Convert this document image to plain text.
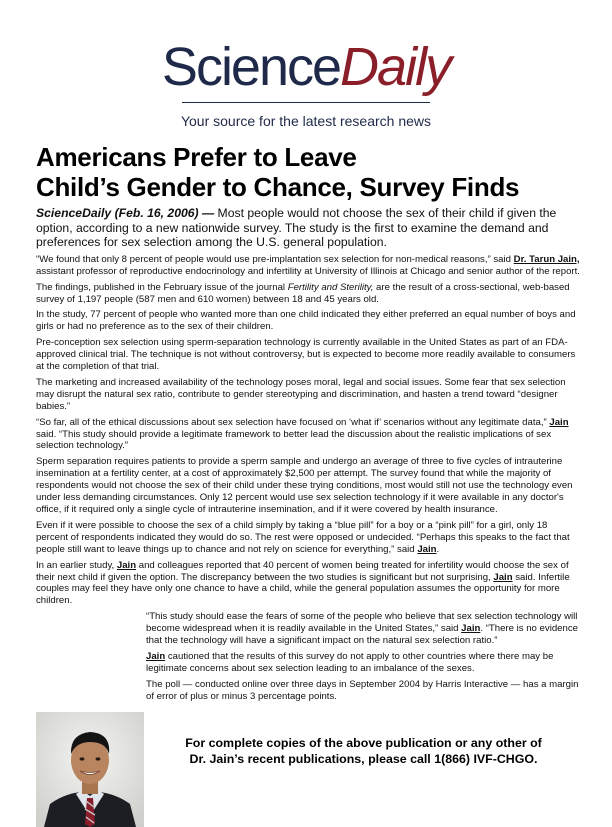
ScienceDaily
Your source for the latest research news
Americans Prefer to Leave
Child’s Gender to Chance, Survey Finds

ScienceDaily (Feb. 16, 2006) — Most people would not choose the sex of their child if given the option, according to a new nationwide survey. The study is the first to examine the demand and preferences for sex selection among the U.S. general population.

“We found that only 8 percent of people would use pre-implantation sex selection for non-medical reasons,” said Dr. Tarun Jain, assistant professor of reproductive endocrinology and infertility at University of Illinois at Chicago and senior author of the report.

The findings, published in the February issue of the journal Fertility and Sterility, are the result of a cross-sectional, web-based survey of 1,197 people (587 men and 610 women) between 18 and 45 years old.

In the study, 77 percent of people who wanted more than one child indicated they either preferred an equal number of boys and girls or had no preference as to the sex of their children.

Pre-conception sex selection using sperm-separation technology is currently available in the United States as part of an FDA-approved clinical trial. The technique is not without controversy, but is expected to become more readily available to consumers at the completion of that trial.

The marketing and increased availability of the technology poses moral, legal and social issues. Some fear that sex selection may disrupt the natural sex ratio, contribute to gender stereotyping and discrimination, and hasten a trend toward “designer babies.”

“So far, all of the ethical discussions about sex selection have focused on ‘what if’ scenarios without any legitimate data,” Jain said. “This study should provide a legitimate framework to better lead the discussion about the realistic implications of sex selection technology.”

Sperm separation requires patients to provide a sperm sample and undergo an average of three to five cycles of intrauterine insemination at a fertility center, at a cost of approximately $2,500 per attempt. The survey found that while the majority of respondents would not choose the sex of their child under these trying conditions, most would still not use the technology even under less demanding circumstances. Only 12 percent would use sex selection technology if it were available in any doctor's office, if it required only a single cycle of intrauterine insemination, and if it were covered by health insurance.

Even if it were possible to choose the sex of a child simply by taking a “blue pill” for a boy or a “pink pill” for a girl, only 18 percent of respondents indicated they would do so. The rest were opposed or undecided. “Perhaps this speaks to the fact that people still want to leave things up to chance and not rely on science for everything,” said Jain.

In an earlier study, Jain and colleagues reported that 40 percent of women being treated for infertility would choose the sex of their next child if given the option. The discrepancy between the two studies is significant but not surprising, Jain said. Infertile couples may feel they have only one chance to have a child, while the general population assumes the opportunity for more children.

“This study should ease the fears of some of the people who believe that sex selection technology will become widespread when it is readily available in the United States,” said Jain. “There is no evidence that the technology will have a significant impact on the natural sex selection ratio.”

Jain cautioned that the results of this survey do not apply to other countries where there may be legitimate concerns about sex selection leading to an imbalance of the sexes.

The poll — conducted online over three days in September 2004 by Harris Interactive — has a margin of error of plus or minus 3 percentage points.

For complete copies of the above publication or any other of
Dr. Jain’s recent publications, please call 1(866) IVF-CHGO.
